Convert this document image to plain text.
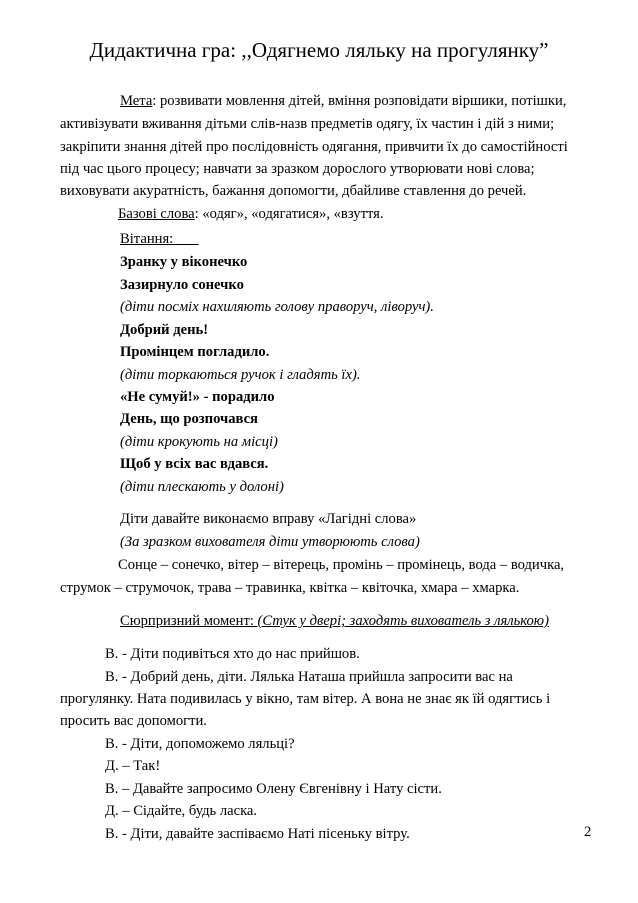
Дидактична гра: ,,Одягнемо ляльку на прогулянку”
Мета: розвивати мовлення дітей, вміння розповідати віршики, потішки,
активізувати вживання дітьми слів-назв предметів одягу, їх частин і дій з ними;
закріпити знання дітей про послідовність одягання, привчити їх до самостійності
під час цього процесу; навчати за зразком дорослого утворювати нові слова;
виховувати акуратність, бажання допомогти, дбайливе ставлення до речей.
Базові слова: «одяг», «одягатися», «взуття.
Вітання:
Зранку у віконечко
Зазирнуло сонечко
(діти посміх нахиляють голову праворуч, ліворуч).
Добрий день!
Промінцем погладило.
(діти торкаються ручок і гладять їх).
«Не сумуй!» - порадило
День, що розпочався
(діти крокують на місці)
Щоб у всіх вас вдався.
(діти плескають у долоні)
Діти давайте виконаємо вправу «Лагідні слова»
(За зразком вихователя діти утворюють слова)
Сонце – сонечко, вітер – вітерець, промінь – промінець, вода – водичка,
струмок – струмочок, трава – травинка, квітка – квіточка, хмара – хмарка.
Сюрпризний момент: (Стук у двері; заходять вихователь з лялькою)
В. - Діти подивіться хто до нас прийшов.
В. - Добрий день, діти. Лялька Наташа прийшла запросити вас на
прогулянку. Ната подивилась у вікно, там вітер. А вона не знає як їй одягтись і
просить вас допомогти.
В. - Діти, допоможемо ляльці?
Д. – Так!
В. – Давайте запросимо Олену Євгенівну і Нату сісти.
Д. – Сідайте, будь ласка.
В. - Діти, давайте заспіваємо Наті пісеньку вітру.	2
